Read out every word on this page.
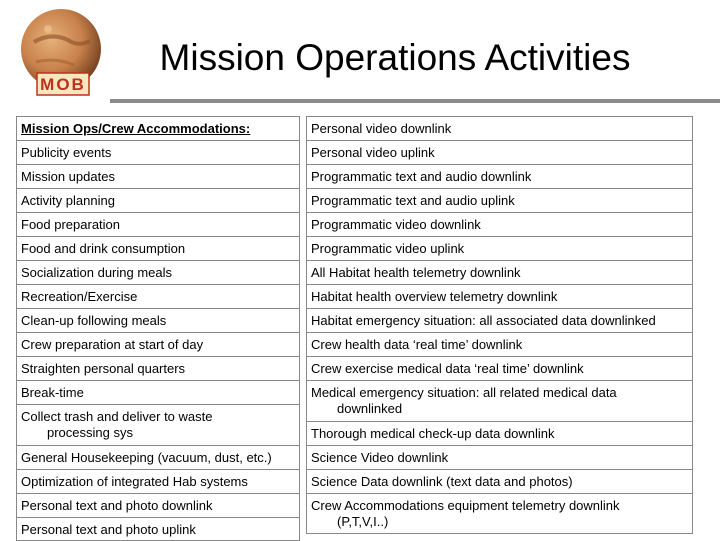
MOB
Mission Operations Activities
Mission Ops/Crew Accommodations:
Publicity events
Mission updates
Activity planning
Food preparation
Food and drink consumption
Socialization during meals
Recreation/Exercise
Clean-up following meals
Crew preparation at start of day
Straighten personal quarters
Break-time
Collect trash and deliver to waste
processing sys
General Housekeeping (vacuum, dust, etc.)
Optimization of integrated Hab systems
Personal text and photo downlink
Personal text and photo uplink
Personal video downlink
Personal video uplink
Programmatic text and audio downlink
Programmatic text and audio uplink
Programmatic video downlink
Programmatic video uplink
All Habitat health telemetry downlink
Habitat health overview telemetry downlink
Habitat emergency situation: all associated data downlinked
Crew health data ‘real time’ downlink
Crew exercise medical data ‘real time’ downlink
Medical emergency situation: all related medical data
downlinked
Thorough medical check-up data downlink
Science Video downlink
Science Data downlink (text data and photos)
Crew Accommodations equipment telemetry downlink
(P,T,V,I..)
